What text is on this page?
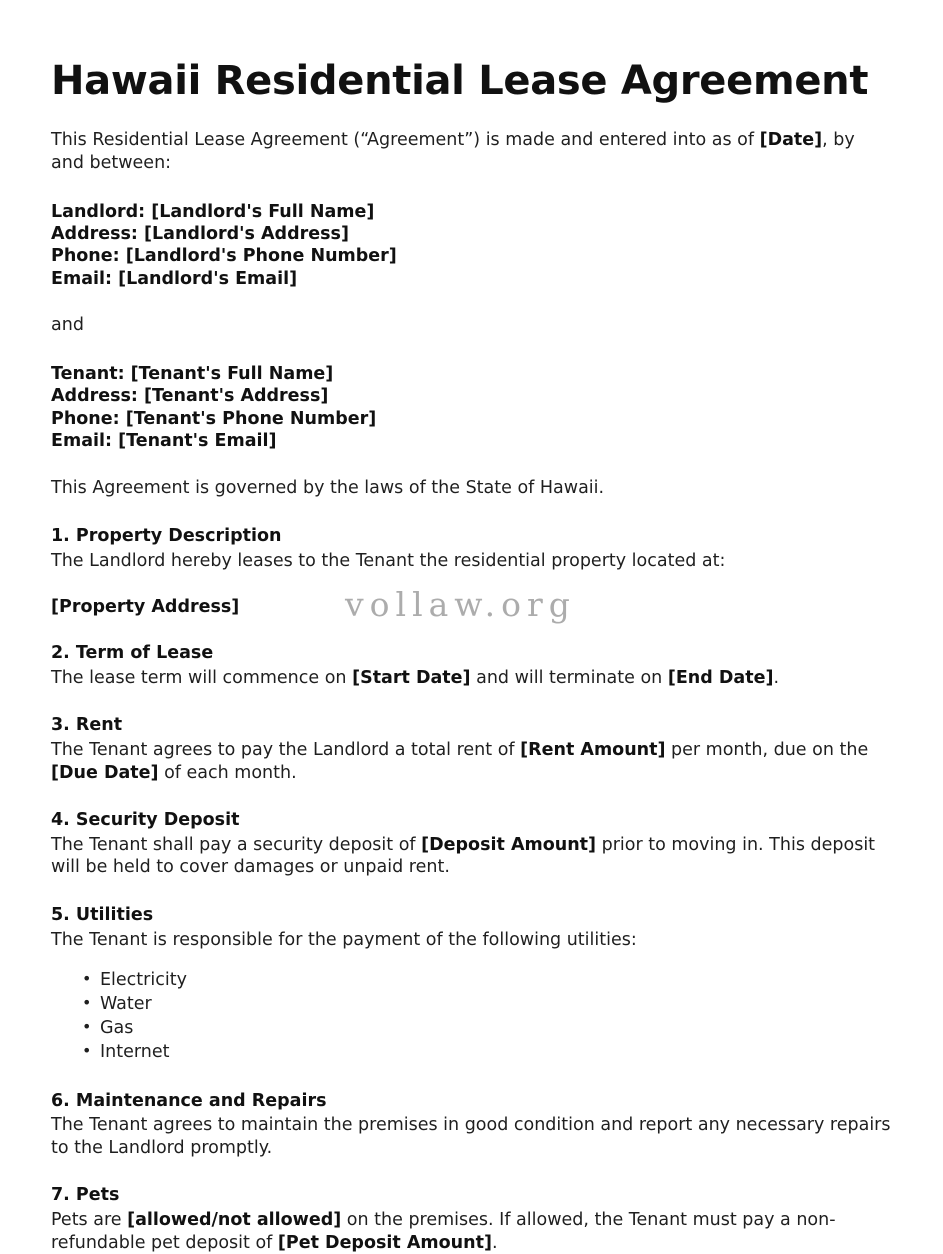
Hawaii Residential Lease Agreement

This Residential Lease Agreement (“Agreement”) is made and entered into as of [Date], by and between:

Landlord: [Landlord's Full Name]
Address: [Landlord's Address]
Phone: [Landlord's Phone Number]
Email: [Landlord's Email]

and

Tenant: [Tenant's Full Name]
Address: [Tenant's Address]
Phone: [Tenant's Phone Number]
Email: [Tenant's Email]

This Agreement is governed by the laws of the State of Hawaii.

1. Property Description

The Landlord hereby leases to the Tenant the residential property located at:

[Property Address]

2. Term of Lease

The lease term will commence on [Start Date] and will terminate on [End Date].

3. Rent

The Tenant agrees to pay the Landlord a total rent of [Rent Amount] per month, due on the [Due Date] of each month.

4. Security Deposit

The Tenant shall pay a security deposit of [Deposit Amount] prior to moving in. This deposit will be held to cover damages or unpaid rent.

5. Utilities

The Tenant is responsible for the payment of the following utilities:

• Electricity
• Water
• Gas
• Internet
6. Maintenance and Repairs

The Tenant agrees to maintain the premises in good condition and report any necessary repairs to the Landlord promptly.

7. Pets

Pets are [allowed/not allowed] on the premises. If allowed, the Tenant must pay a non-refundable pet deposit of [Pet Deposit Amount].

vollaw.org
